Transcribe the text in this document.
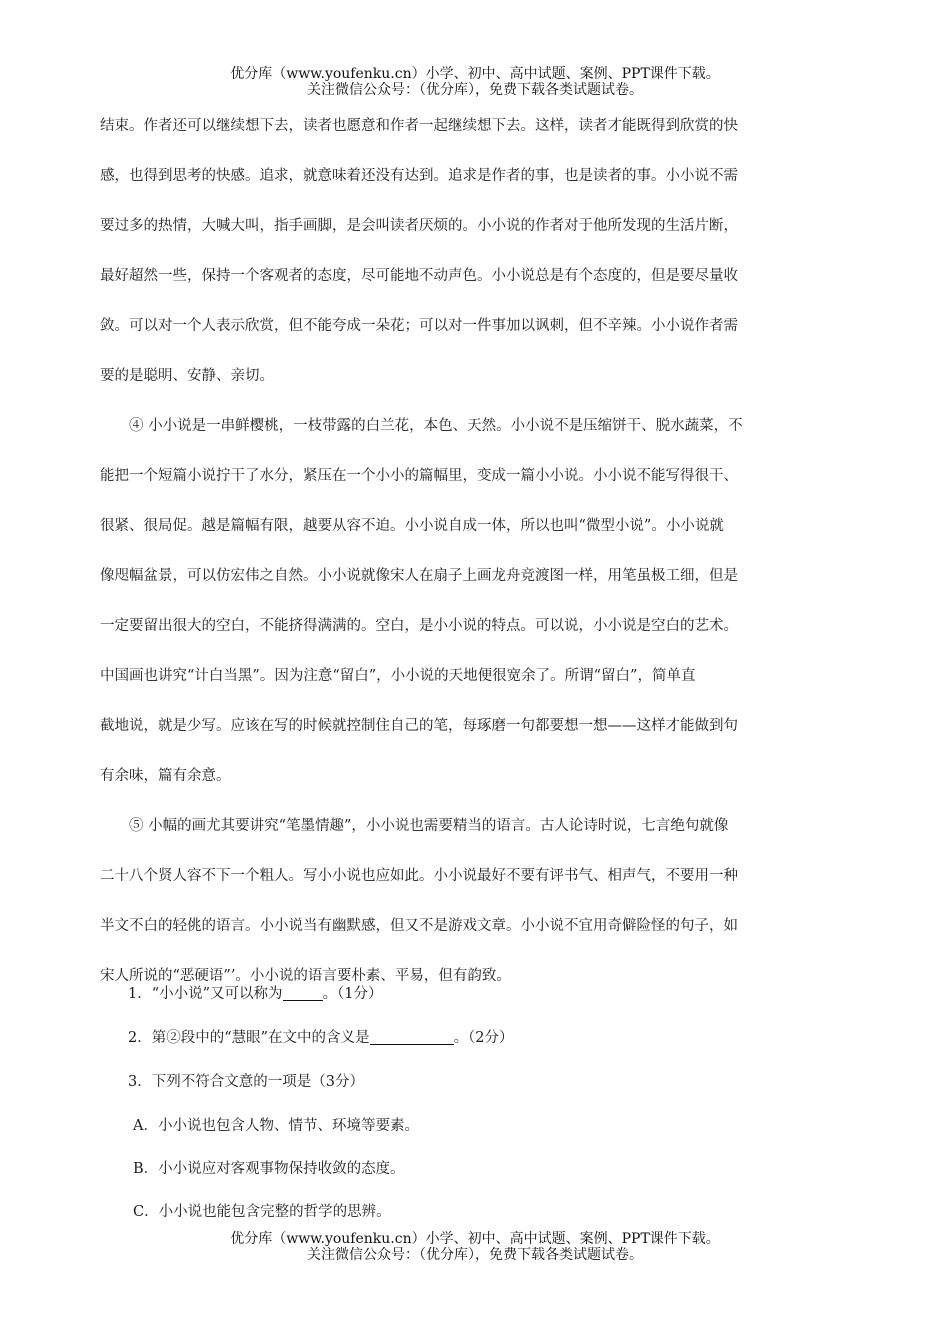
优分库（www.youfenku.cn）小学、初中、高中试题、案例、PPT课件下载。
关注微信公众号：（优分库），免费下载各类试题试卷。
结束。作者还可以继续想下去，读者也愿意和作者一起继续想下去。这样，读者才能既得到欣赏的快
感，也得到思考的快感。追求，就意味着还没有达到。追求是作者的事，也是读者的事。小小说不需
要过多的热情，大喊大叫，指手画脚，是会叫读者厌烦的。小小说的作者对于他所发现的生活片断，
最好超然一些，保持一个客观者的态度，尽可能地不动声色。小小说总是有个态度的，但是要尽量收
敛。可以对一个人表示欣赏，但不能夸成一朵花；可以对一件事加以讽刺，但不辛辣。小小说作者需
要的是聪明、安静、亲切。
④ 小小说是一串鲜樱桃，一枝带露的白兰花，本色、天然。小小说不是压缩饼干、脱水蔬菜，不
能把一个短篇小说拧干了水分，紧压在一个小小的篇幅里，变成一篇小小说。小小说不能写得很干、
很紧、很局促。越是篇幅有限，越要从容不迫。小小说自成一体，所以也叫“微型小说”。小小说就
像咫幅盆景，可以仿宏伟之自然。小小说就像宋人在扇子上画龙舟竞渡图一样，用笔虽极工细，但是
一定要留出很大的空白，不能挤得满满的。空白，是小小说的特点。可以说，小小说是空白的艺术。
中国画也讲究“计白当黑”。因为注意“留白”，小小说的天地便很宽余了。所谓“留白”，简单直
截地说，就是少写。应该在写的时候就控制住自己的笔，每琢磨一句都要想一想——这样才能做到句
有余味，篇有余意。
⑤ 小幅的画尤其要讲究“笔墨情趣”，小小说也需要精当的语言。古人论诗时说，七言绝句就像
二十八个贤人容不下一个粗人。写小小说也应如此。小小说最好不要有评书气、相声气，不要用一种
半文不白的轻佻的语言。小小说当有幽默感，但又不是游戏文章。小小说不宜用奇僻险怪的句子，如
宋人所说的“恶硬语”’。小小说的语言要朴素、平易，但有韵致。
1．“小小说”又可以称为	。（1分）
2．第②段中的“慧眼”在文中的含义是	。（2分）
3．下列不符合文意的一项是（3分）
A．小小说也包含人物、情节、环境等要素。
B．小小说应对客观事物保持收敛的态度。
C．小小说也能包含完整的哲学的思辨。
优分库（www.youfenku.cn）小学、初中、高中试题、案例、PPT课件下载。
关注微信公众号：（优分库），免费下载各类试题试卷。
